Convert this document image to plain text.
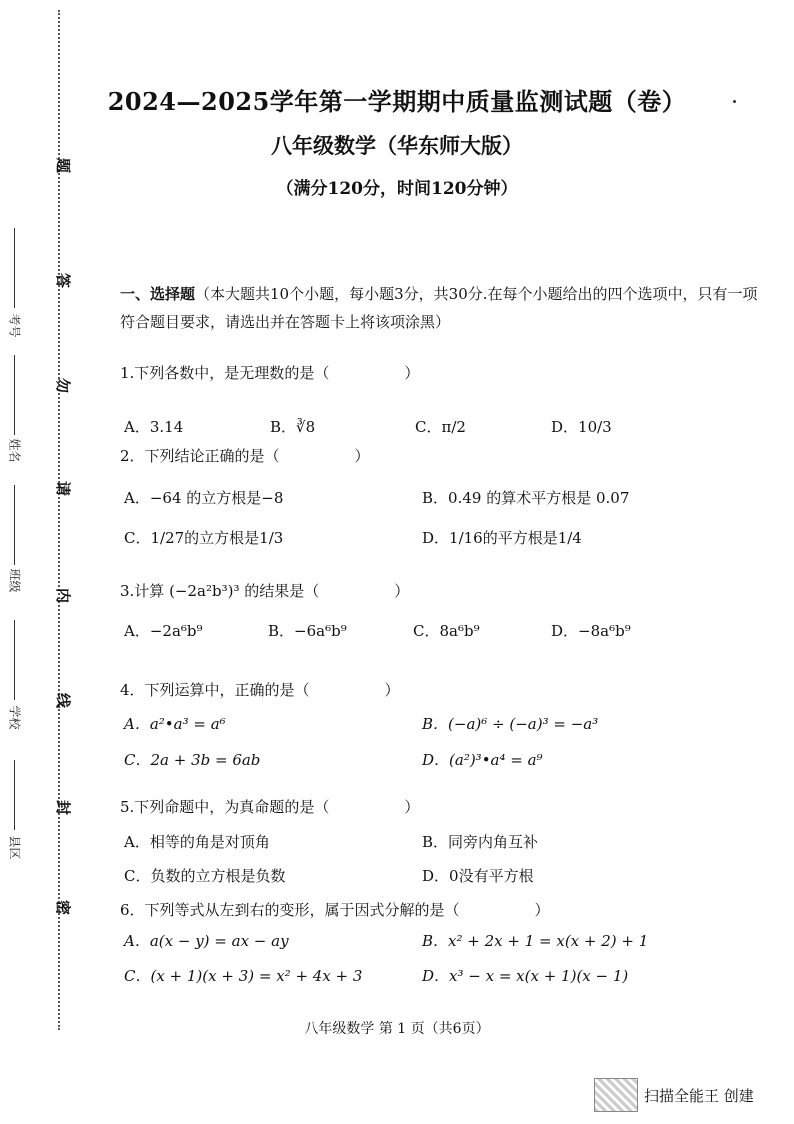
题
答
勿
请
内
线
封
密
考号
姓名
班级
学校
县区
2024—2025学年第一学期期中质量监测试题（卷）
八年级数学（华东师大版）
（满分120分，时间120分钟）
一、选择题（本大题共10个小题，每小题3分，共30分.在每个小题给出的四个选项中，只有一项符合题目要求，请选出并在答题卡上将该项涂黑）
1.下列各数中，是无理数的是（　　　　　）
A．3.14	B．∛8	C．π/2	D．10/3
2．下列结论正确的是（　　　　　）
A．−64 的立方根是−8	B．0.49 的算术平方根是 0.07
C．1/27的立方根是1/3	D．1/16的平方根是1/4
3.计算 (−2a²b³)³ 的结果是（　　　　　）
A．−2a⁶b⁹	B．−6a⁶b⁹	C．8a⁶b⁹	D．−8a⁶b⁹
4．下列运算中，正确的是（　　　　　）
A．a²•a³ = a⁶	B．(−a)⁶ ÷ (−a)³ = −a³
C．2a + 3b = 6ab	D．(a²)³•a⁴ = a⁹
5.下列命题中，为真命题的是（　　　　　）
A．相等的角是对顶角	B．同旁内角互补
C．负数的立方根是负数	D．0没有平方根
6．下列等式从左到右的变形，属于因式分解的是（　　　　　）
A．a(x − y) = ax − ay	B．x² + 2x + 1 = x(x + 2) + 1
C．(x + 1)(x + 3) = x² + 4x + 3	D．x³ − x = x(x + 1)(x − 1)
八年级数学 第 1 页（共6页）
扫描全能王 创建
